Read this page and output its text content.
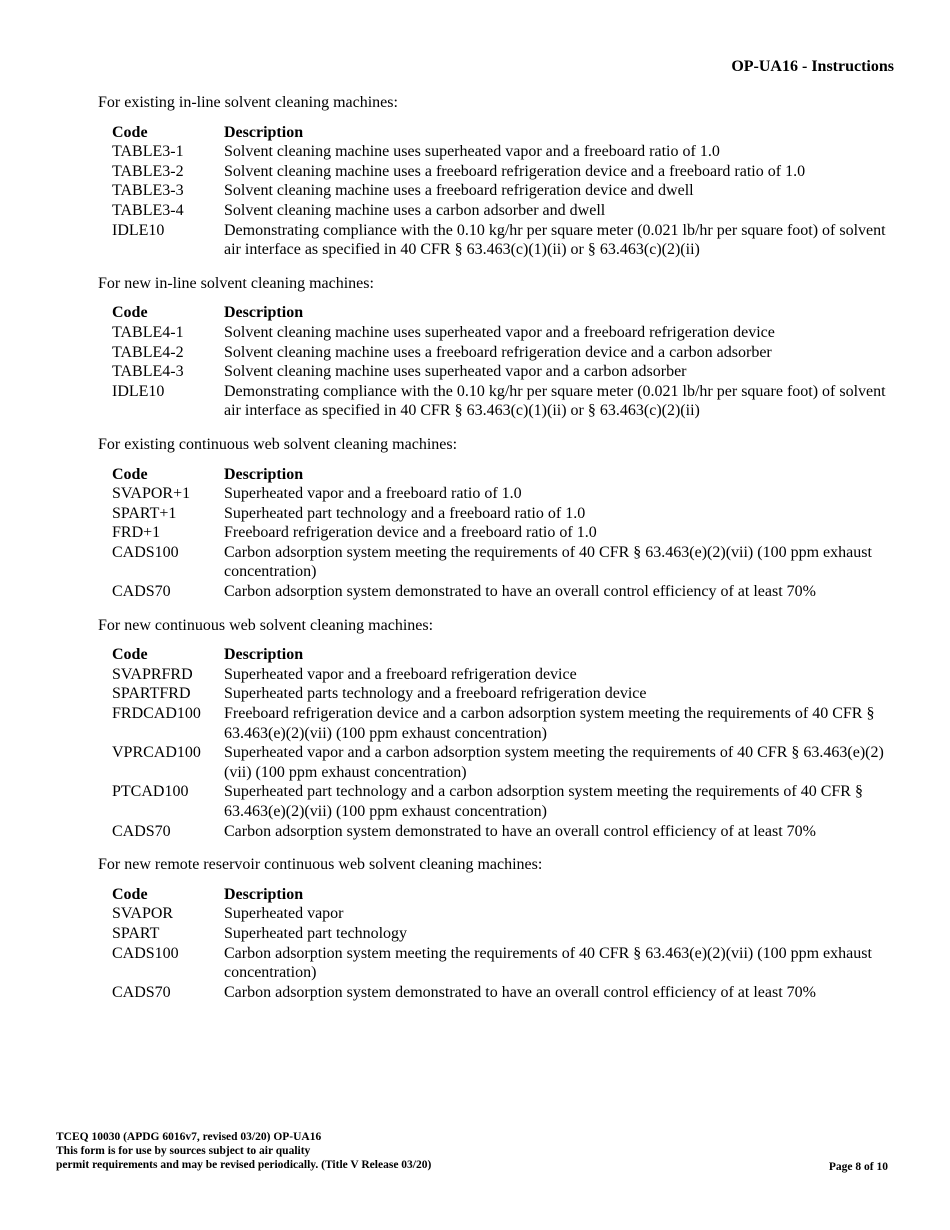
OP-UA16 - Instructions

For existing in-line solvent cleaning machines:

Code	Description
TABLE3-1	Solvent cleaning machine uses superheated vapor and a freeboard ratio of 1.0
TABLE3-2	Solvent cleaning machine uses a freeboard refrigeration device and a freeboard ratio of 1.0
TABLE3-3	Solvent cleaning machine uses a freeboard refrigeration device and dwell
TABLE3-4	Solvent cleaning machine uses a carbon adsorber and dwell
IDLE10	Demonstrating compliance with the 0.10 kg/hr per square meter (0.021 lb/hr per square foot) of solvent air interface as specified in 40 CFR § 63.463(c)(1)(ii) or § 63.463(c)(2)(ii)

For new in-line solvent cleaning machines:

Code	Description
TABLE4-1	Solvent cleaning machine uses superheated vapor and a freeboard refrigeration device
TABLE4-2	Solvent cleaning machine uses a freeboard refrigeration device and a carbon adsorber
TABLE4-3	Solvent cleaning machine uses superheated vapor and a carbon adsorber
IDLE10	Demonstrating compliance with the 0.10 kg/hr per square meter (0.021 lb/hr per square foot) of solvent air interface as specified in 40 CFR § 63.463(c)(1)(ii) or § 63.463(c)(2)(ii)

For existing continuous web solvent cleaning machines:

Code	Description
SVAPOR+1	Superheated vapor and a freeboard ratio of 1.0
SPART+1	Superheated part technology and a freeboard ratio of 1.0
FRD+1	Freeboard refrigeration device and a freeboard ratio of 1.0
CADS100	Carbon adsorption system meeting the requirements of 40 CFR § 63.463(e)(2)(vii) (100 ppm exhaust concentration)
CADS70	Carbon adsorption system demonstrated to have an overall control efficiency of at least 70%

For new continuous web solvent cleaning machines:

Code	Description
SVAPRFRD	Superheated vapor and a freeboard refrigeration device
SPARTFRD	Superheated parts technology and a freeboard refrigeration device
FRDCAD100	Freeboard refrigeration device and a carbon adsorption system meeting the requirements of 40 CFR § 63.463(e)(2)(vii) (100 ppm exhaust concentration)
VPRCAD100	Superheated vapor and a carbon adsorption system meeting the requirements of 40 CFR § 63.463(e)(2)(vii) (100 ppm exhaust concentration)
PTCAD100	Superheated part technology and a carbon adsorption system meeting the requirements of 40 CFR § 63.463(e)(2)(vii) (100 ppm exhaust concentration)
CADS70	Carbon adsorption system demonstrated to have an overall control efficiency of at least 70%

For new remote reservoir continuous web solvent cleaning machines:

Code	Description
SVAPOR	Superheated vapor
SPART	Superheated part technology
CADS100	Carbon adsorption system meeting the requirements of 40 CFR § 63.463(e)(2)(vii) (100 ppm exhaust concentration)
CADS70	Carbon adsorption system demonstrated to have an overall control efficiency of at least 70%
TCEQ 10030 (APDG 6016v7, revised 03/20) OP-UA16
This form is for use by sources subject to air quality
permit requirements and may be revised periodically. (Title V Release 03/20)	Page 8 of 10
